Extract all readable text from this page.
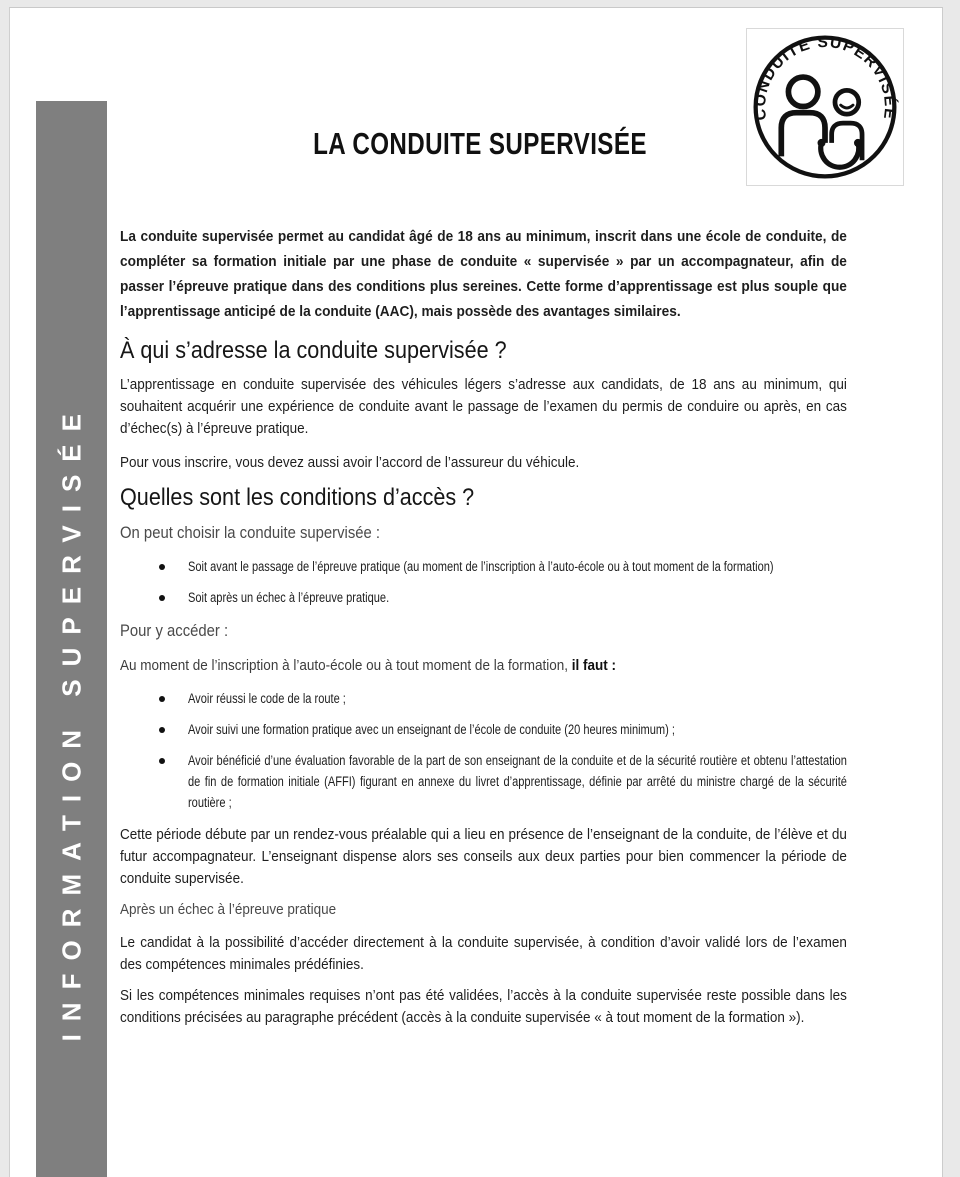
INFORMATION SUPERVISÉE
LA CONDUITE SUPERVISÉE
CONDUITE SUPERVISÉE

La conduite supervisée permet au candidat âgé de 18 ans au minimum, inscrit dans une école de conduite, de compléter sa formation initiale par une phase de conduite « supervisée » par un accompagnateur, afin de passer l’épreuve pratique dans des conditions plus sereines. Cette forme d’apprentissage est plus souple que l’apprentissage anticipé de la conduite (AAC), mais possède des avantages similaires.

À qui s’adresse la conduite supervisée ?

L’apprentissage en conduite supervisée des véhicules légers s’adresse aux candidats, de 18 ans au minimum, qui souhaitent acquérir une expérience de conduite avant le passage de l’examen du permis de conduire ou après, en cas d’échec(s) à l’épreuve pratique.

Pour vous inscrire, vous devez aussi avoir l’accord de l’assureur du véhicule.

Quelles sont les conditions d’accès ?

On peut choisir la conduite supervisée :

Soit avant le passage de l’épreuve pratique (au moment de l’inscription à l’auto-école ou à tout moment de la formation)
Soit après un échec à l’épreuve pratique.

Pour y accéder :

Au moment de l’inscription à l’auto-école ou à tout moment de la formation, il faut :

Avoir réussi le code de la route ;
Avoir suivi une formation pratique avec un enseignant de l’école de conduite (20 heures minimum) ;
Avoir bénéficié d’une évaluation favorable de la part de son enseignant de la conduite et de la sécurité routière et obtenu l’attestation de fin de formation initiale (AFFI) figurant en annexe du livret d’apprentissage, définie par arrêté du ministre chargé de la sécurité routière ;

Cette période débute par un rendez-vous préalable qui a lieu en présence de l’enseignant de la conduite, de l’élève et du futur accompagnateur. L’enseignant dispense alors ses conseils aux deux parties pour bien commencer la période de conduite supervisée.

Après un échec à l’épreuve pratique

Le candidat à la possibilité d’accéder directement à la conduite supervisée, à condition d’avoir validé lors de l’examen des compétences minimales prédéfinies.

Si les compétences minimales requises n’ont pas été validées, l’accès à la conduite supervisée reste possible dans les conditions précisées au paragraphe précédent (accès à la conduite supervisée « à tout moment de la formation »).
